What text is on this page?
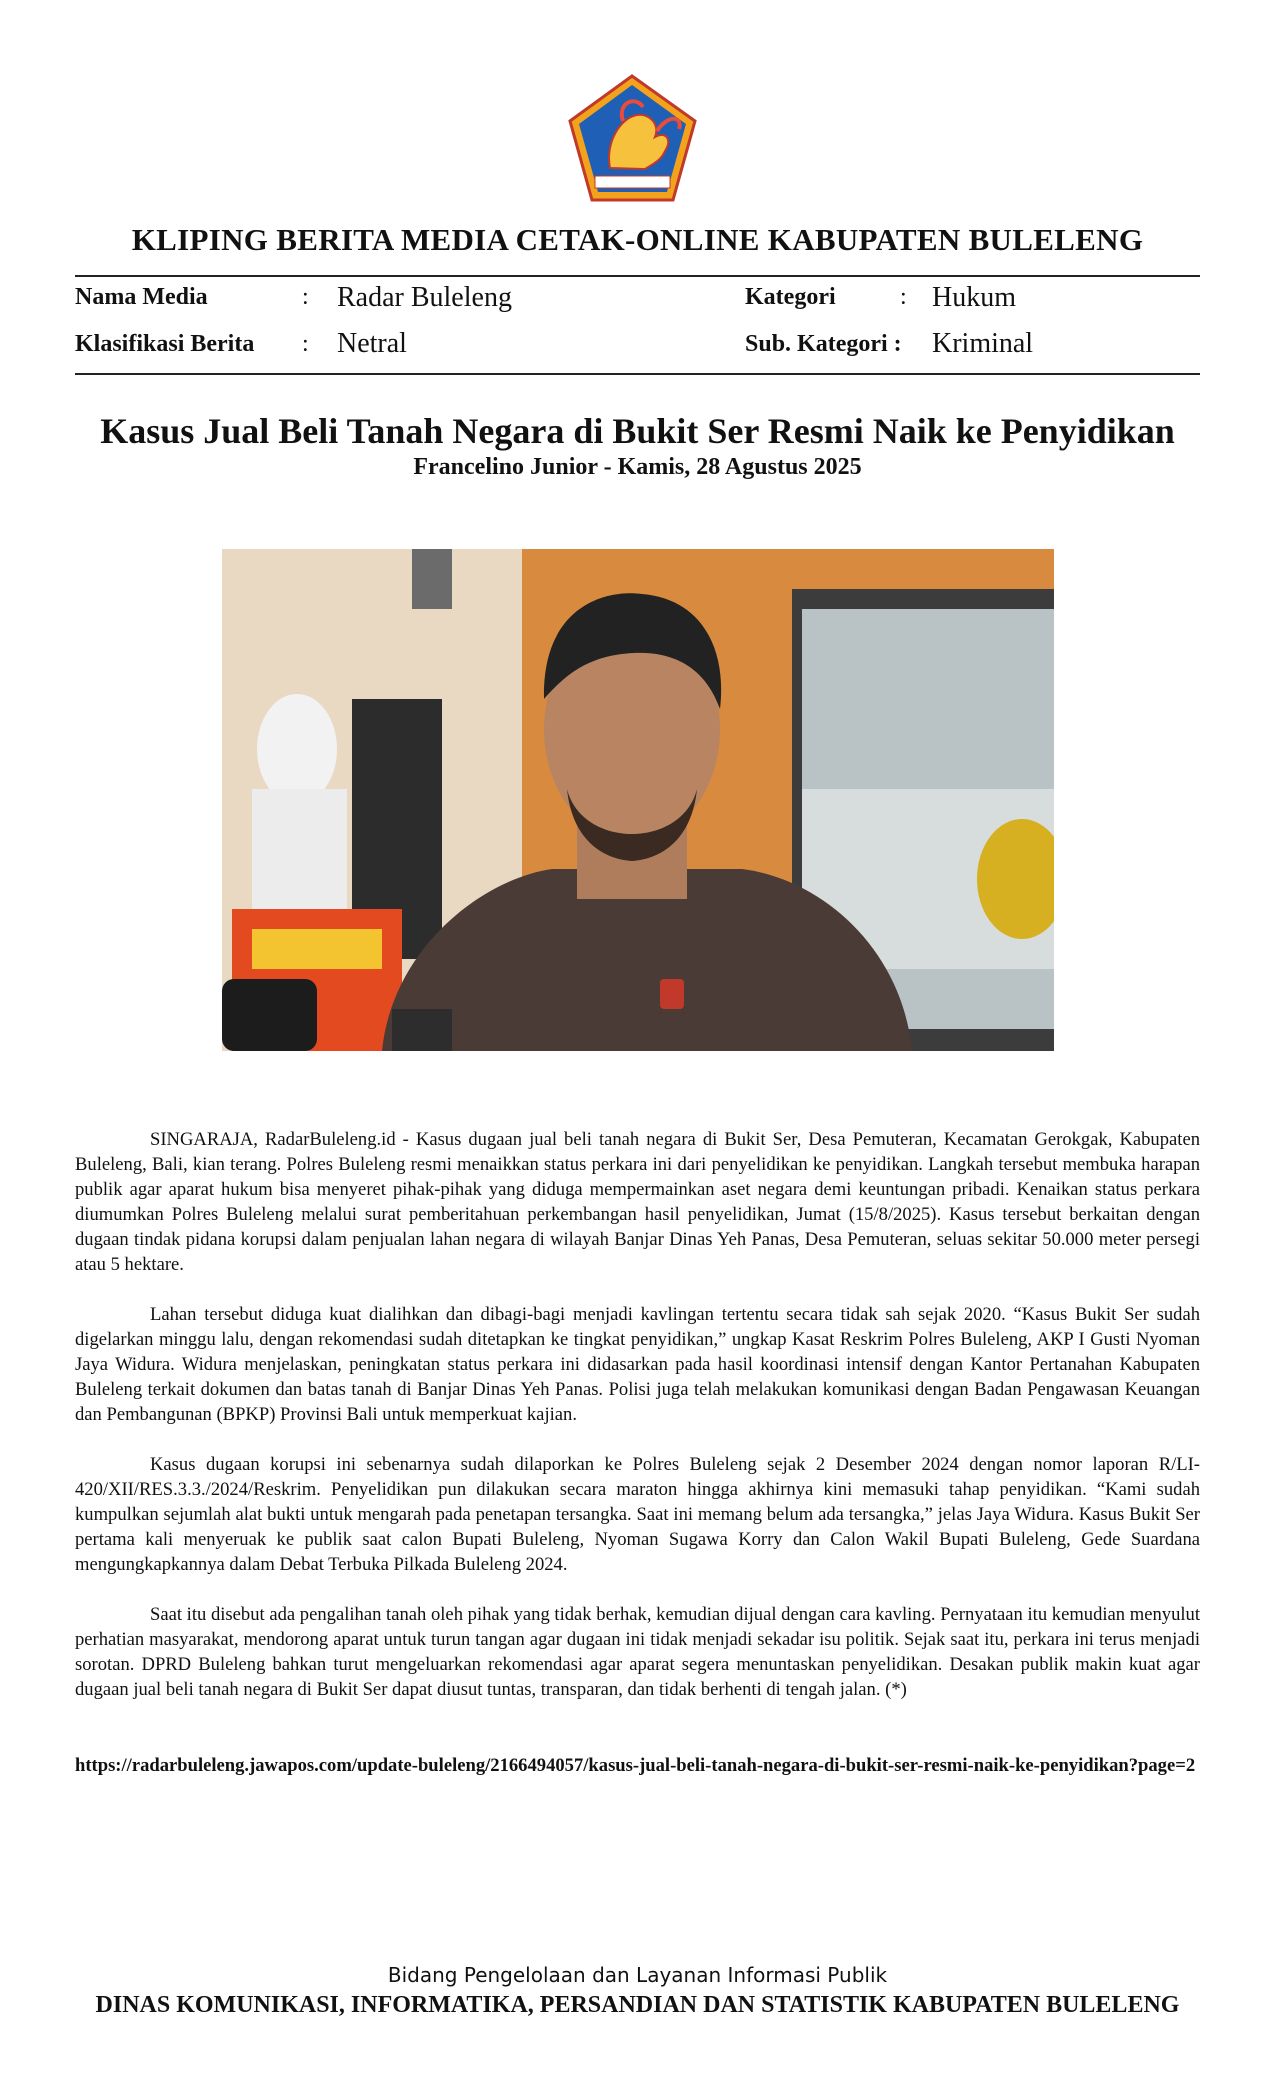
KLIPING BERITA MEDIA CETAK-ONLINE KABUPATEN BULELENG
Nama Media	: Radar Buleleng	Kategori	: Hukum
Klasifikasi Berita : Netral	Sub. Kategori : Kriminal
Kasus Jual Beli Tanah Negara di Bukit Ser Resmi Naik ke Penyidikan
Francelino Junior - Kamis, 28 Agustus 2025

SINGARAJA, RadarBuleleng.id - Kasus dugaan jual beli tanah negara di Bukit Ser, Desa Pemuteran, Kecamatan Gerokgak, Kabupaten Buleleng, Bali, kian terang. Polres Buleleng resmi menaikkan status perkara ini dari penyelidikan ke penyidikan. Langkah tersebut membuka harapan publik agar aparat hukum bisa menyeret pihak-pihak yang diduga mempermainkan aset negara demi keuntungan pribadi. Kenaikan status perkara diumumkan Polres Buleleng melalui surat pemberitahuan perkembangan hasil penyelidikan, Jumat (15/8/2025). Kasus tersebut berkaitan dengan dugaan tindak pidana korupsi dalam penjualan lahan negara di wilayah Banjar Dinas Yeh Panas, Desa Pemuteran, seluas sekitar 50.000 meter persegi atau 5 hektare.

Lahan tersebut diduga kuat dialihkan dan dibagi-bagi menjadi kavlingan tertentu secara tidak sah sejak 2020. “Kasus Bukit Ser sudah digelarkan minggu lalu, dengan rekomendasi sudah ditetapkan ke tingkat penyidikan,” ungkap Kasat Reskrim Polres Buleleng, AKP I Gusti Nyoman Jaya Widura. Widura menjelaskan, peningkatan status perkara ini didasarkan pada hasil koordinasi intensif dengan Kantor Pertanahan Kabupaten Buleleng terkait dokumen dan batas tanah di Banjar Dinas Yeh Panas. Polisi juga telah melakukan komunikasi dengan Badan Pengawasan Keuangan dan Pembangunan (BPKP) Provinsi Bali untuk memperkuat kajian.

Kasus dugaan korupsi ini sebenarnya sudah dilaporkan ke Polres Buleleng sejak 2 Desember 2024 dengan nomor laporan R/LI-420/XII/RES.3.3./2024/Reskrim. Penyelidikan pun dilakukan secara maraton hingga akhirnya kini memasuki tahap penyidikan. “Kami sudah kumpulkan sejumlah alat bukti untuk mengarah pada penetapan tersangka. Saat ini memang belum ada tersangka,” jelas Jaya Widura. Kasus Bukit Ser pertama kali menyeruak ke publik saat calon Bupati Buleleng, Nyoman Sugawa Korry dan Calon Wakil Bupati Buleleng, Gede Suardana mengungkapkannya dalam Debat Terbuka Pilkada Buleleng 2024.

Saat itu disebut ada pengalihan tanah oleh pihak yang tidak berhak, kemudian dijual dengan cara kavling. Pernyataan itu kemudian menyulut perhatian masyarakat, mendorong aparat untuk turun tangan agar dugaan ini tidak menjadi sekadar isu politik. Sejak saat itu, perkara ini terus menjadi sorotan. DPRD Buleleng bahkan turut mengeluarkan rekomendasi agar aparat segera menuntaskan penyelidikan. Desakan publik makin kuat agar dugaan jual beli tanah negara di Bukit Ser dapat diusut tuntas, transparan, dan tidak berhenti di tengah jalan. (*)

https://radarbuleleng.jawapos.com/update-buleleng/2166494057/kasus-jual-beli-tanah-negara-di-bukit-ser-resmi-naik-ke-penyidikan?page=2
Bidang Pengelolaan dan Layanan Informasi Publik
DINAS KOMUNIKASI, INFORMATIKA, PERSANDIAN DAN STATISTIK KABUPATEN BULELENG
